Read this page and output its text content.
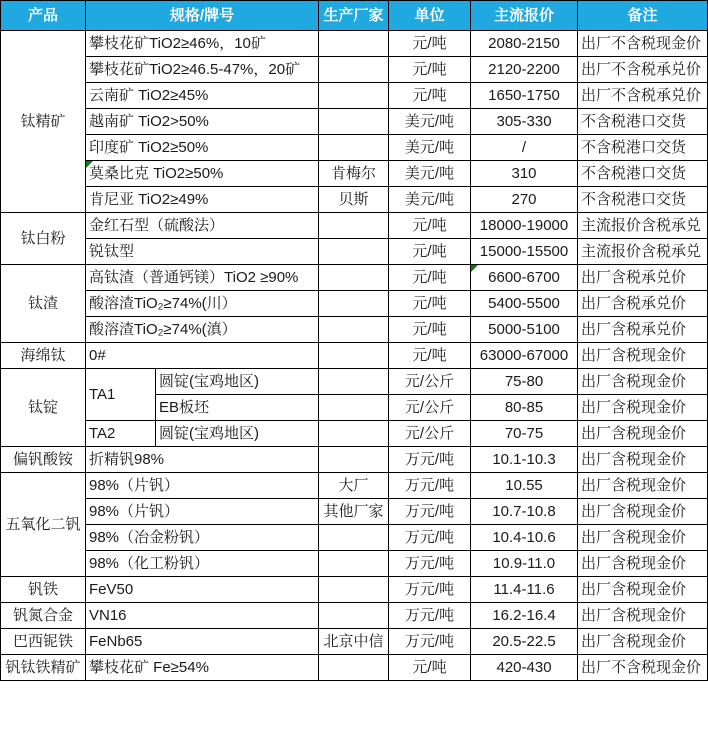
产品	规格/牌号		生产厂家	单位	主流报价	备注
钛精矿	攀枝花矿TiO2≥46%，10矿			元/吨	2080-2150	出厂不含税现金价
	攀枝花矿TiO2≥46.5-47%，20矿			元/吨	2120-2200	出厂不含税承兑价
	云南矿 TiO2≥45%			元/吨	1650-1750	出厂不含税承兑价
	越南矿 TiO2>50%			美元/吨	305-330	不含税港口交货
	印度矿 TiO2≥50%			美元/吨	/	不含税港口交货
	莫桑比克 TiO2≥50%		肯梅尔	美元/吨	310	不含税港口交货
	肯尼亚 TiO2≥49%		贝斯	美元/吨	270	不含税港口交货
钛白粉	金红石型（硫酸法）			元/吨	18000-19000	主流报价含税承兑
	锐钛型			元/吨	15000-15500	主流报价含税承兑
钛渣	高钛渣（普通钙镁）TiO2 ≥90%			元/吨	6600-6700	出厂含税承兑价
	酸溶渣TiO₂≥74%(川）			元/吨	5400-5500	出厂含税承兑价
	酸溶渣TiO₂≥74%(滇）			元/吨	5000-5100	出厂含税承兑价
海绵钛	0#			元/吨	63000-67000	出厂含税现金价
钛锭	TA1	圆锭(宝鸡地区)		元/公斤	75-80	出厂含税现金价
		EB板坯		元/公斤	80-85	出厂含税现金价
	TA2	圆锭(宝鸡地区)		元/公斤	70-75	出厂含税现金价
偏钒酸铵	折精钒98%			万元/吨	10.1-10.3	出厂含税现金价
五氧化二钒	98%（片钒）		大厂	万元/吨	10.55	出厂含税现金价
	98%（片钒）		其他厂家	万元/吨	10.7-10.8	出厂含税现金价
	98%（冶金粉钒）			万元/吨	10.4-10.6	出厂含税现金价
	98%（化工粉钒）			万元/吨	10.9-11.0	出厂含税现金价
钒铁	FeV50			万元/吨	11.4-11.6	出厂含税现金价
钒氮合金	VN16			万元/吨	16.2-16.4	出厂含税现金价
巴西铌铁	FeNb65		北京中信	万元/吨	20.5-22.5	出厂含税现金价
钒钛铁精矿	攀枝花矿 Fe≥54%			元/吨	420-430	出厂不含税现金价
